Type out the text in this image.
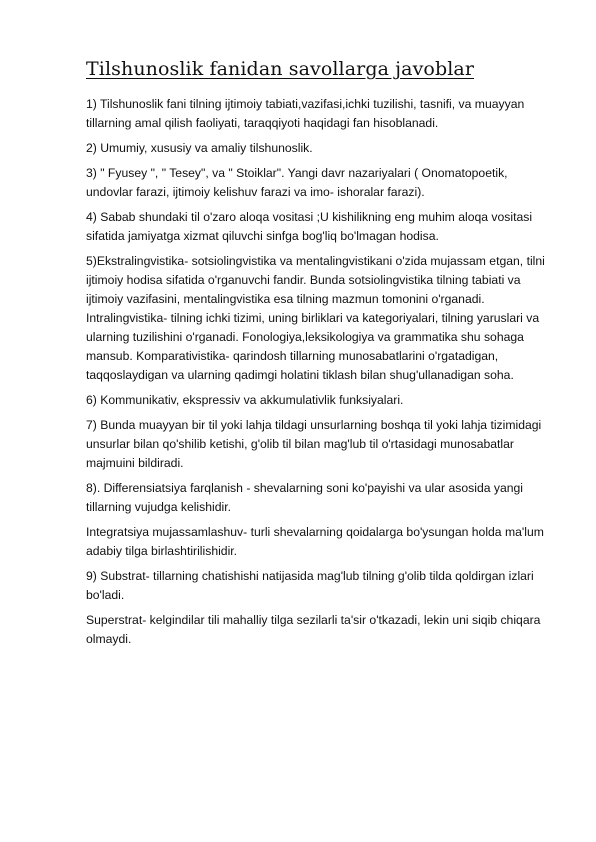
Tilshunoslik fanidan savollarga javoblar

1) Tilshunoslik fani tilning ijtimoiy tabiati,vazifasi,ichki tuzilishi, tasnifi, va muayyan tillarning amal qilish faoliyati, taraqqiyoti haqidagi fan hisoblanadi.

2) Umumiy, xususiy va amaliy tilshunoslik.

3) " Fyusey ", " Tesey", va " Stoiklar". Yangi davr nazariyalari ( Onomatopoetik, undovlar farazi, ijtimoiy kelishuv farazi va imo- ishoralar farazi).

4) Sabab shundaki til o'zaro aloqa vositasi ;U kishilikning eng muhim aloqa vositasi sifatida jamiyatga xizmat qiluvchi sinfga bog'liq bo'lmagan hodisa.

5)Ekstralingvistika- sotsiolingvistika va mentalingvistikani o'zida mujassam etgan, tilni ijtimoiy hodisa sifatida o'rganuvchi fandir. Bunda sotsiolingvistika tilning tabiati va ijtimoiy vazifasini, mentalingvistika esa tilning mazmun tomonini o'rganadi. Intralingvistika- tilning ichki tizimi, uning birliklari va kategoriyalari, tilning yaruslari va ularning tuzilishini o'rganadi. Fonologiya,leksikologiya va grammatika shu sohaga mansub. Komparativistika- qarindosh tillarning munosabatlarini o'rgatadigan, taqqoslaydigan va ularning qadimgi holatini tiklash bilan shug'ullanadigan soha.

6) Kommunikativ, ekspressiv va akkumulativlik funksiyalari.

7) Bunda muayyan bir til yoki lahja tildagi unsurlarning boshqa til yoki lahja tizimidagi unsurlar bilan qo'shilib ketishi, g'olib til bilan mag'lub til o'rtasidagi munosabatlar majmuini bildiradi.

8). Differensiatsiya farqlanish - shevalarning soni ko'payishi va ular asosida yangi tillarning vujudga kelishidir.

Integratsiya mujassamlashuv- turli shevalarning qoidalarga bo'ysungan holda ma'lum adabiy tilga birlashtirilishidir.

9) Substrat- tillarning chatishishi natijasida mag'lub tilning g'olib tilda qoldirgan izlari bo'ladi.

Superstrat- kelgindilar tili mahalliy tilga sezilarli ta'sir o'tkazadi, lekin uni siqib chiqara olmaydi.
